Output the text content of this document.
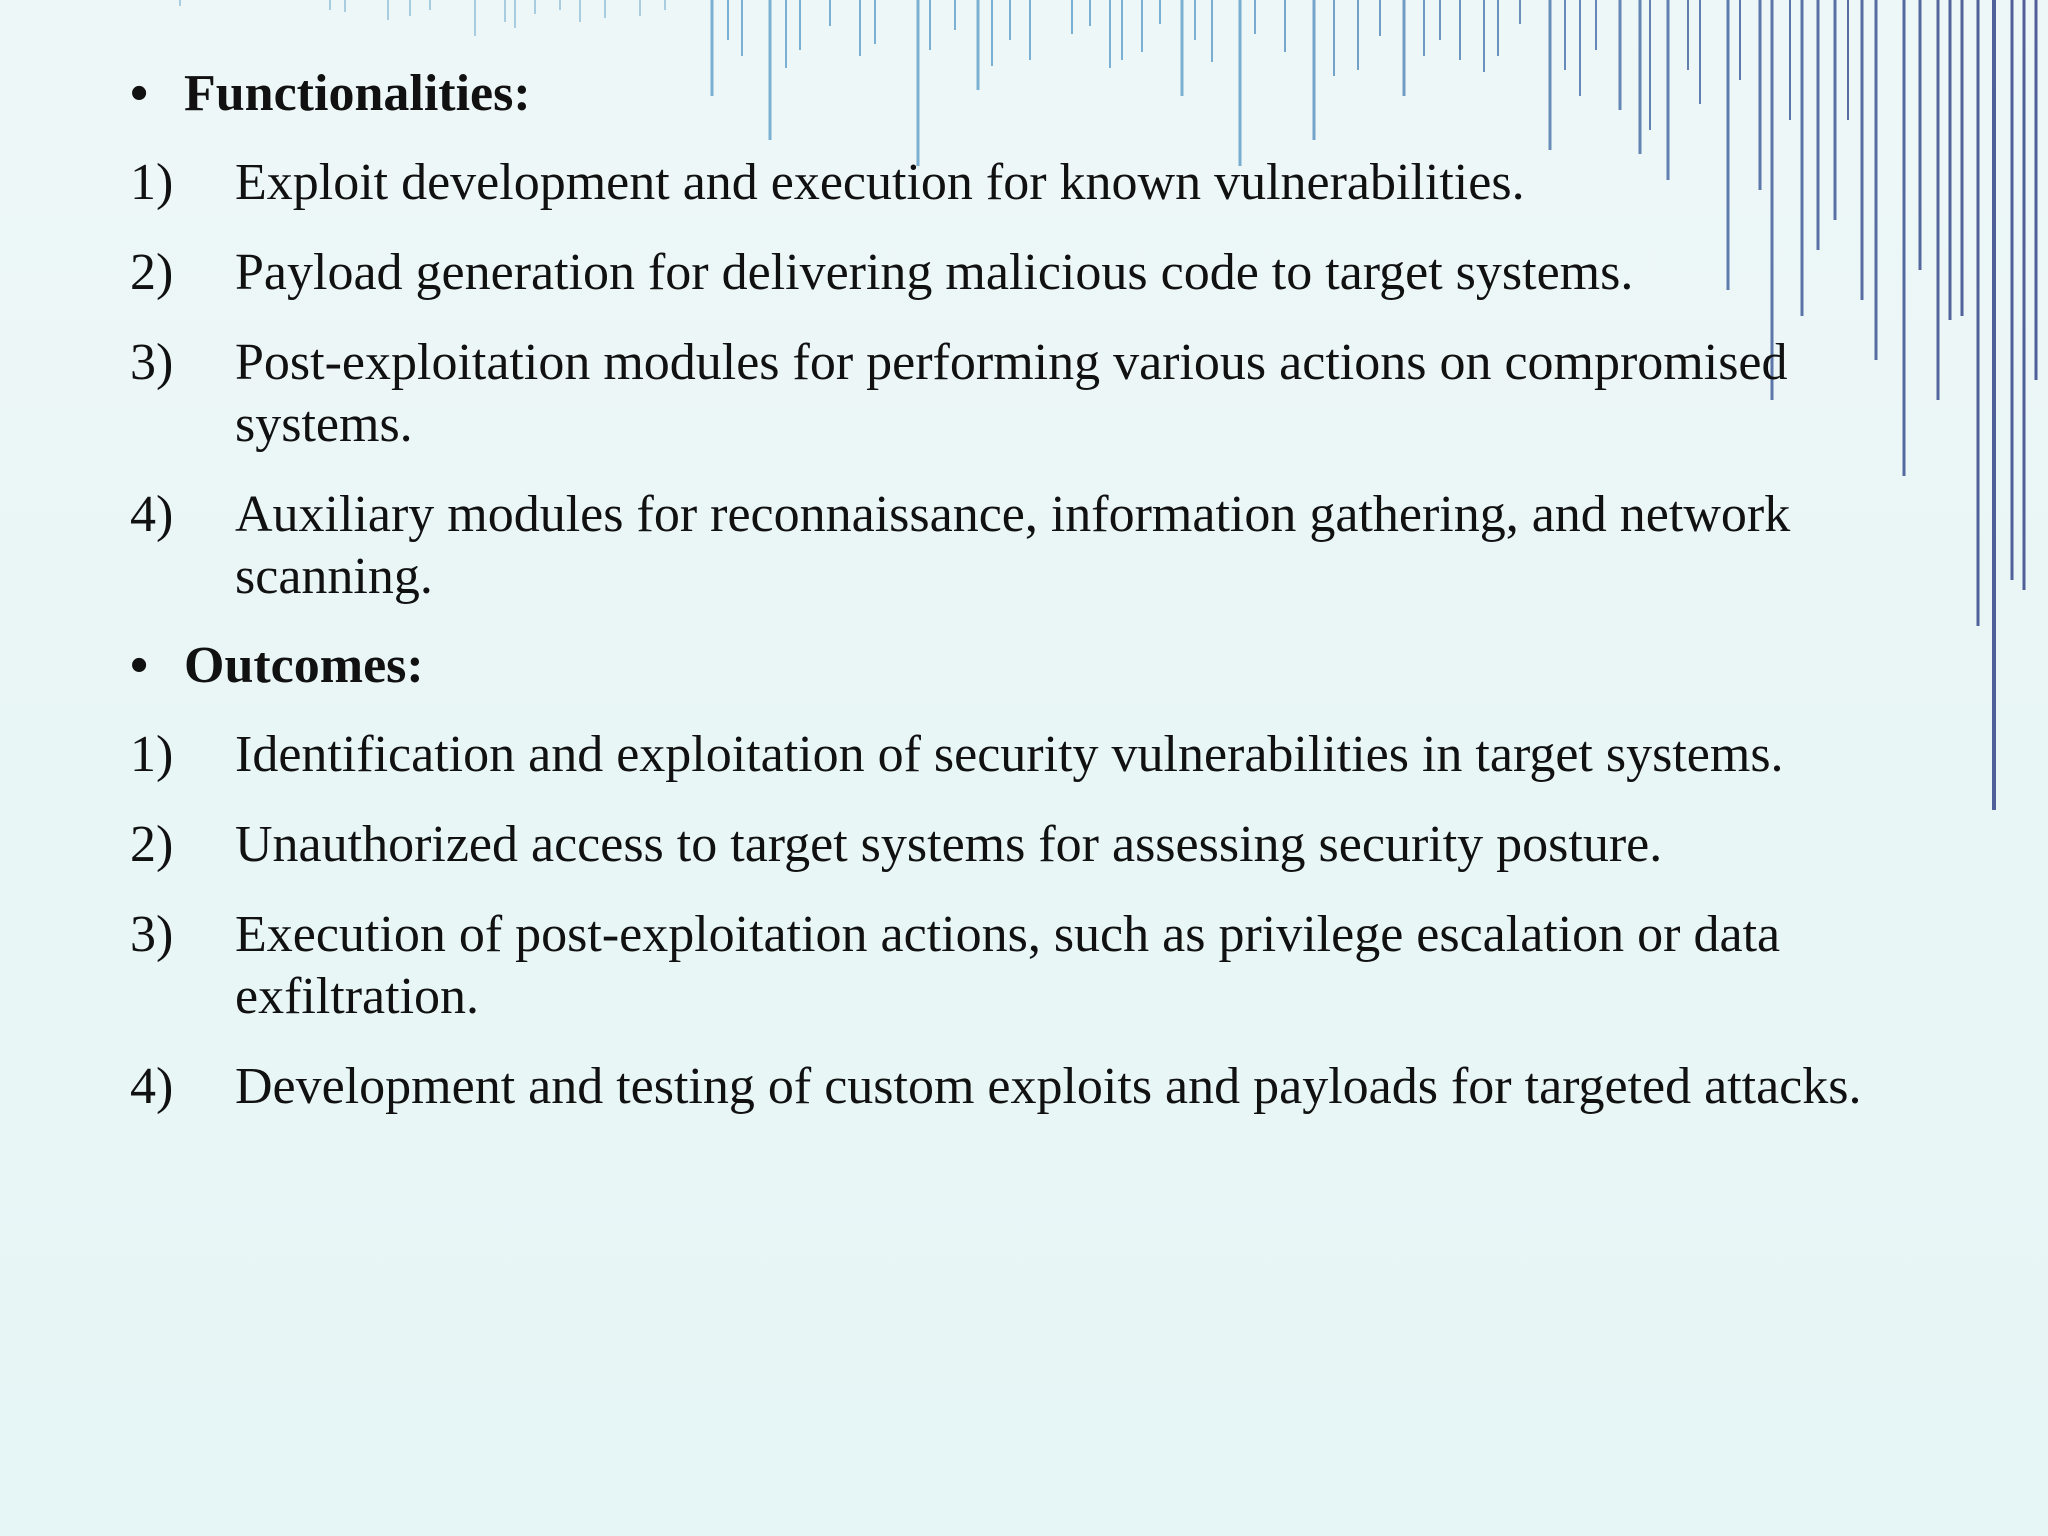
• Functionalities:
1)	Exploit development and execution for known vulnerabilities.
2)	Payload generation for delivering malicious code to target systems.
3)	Post-exploitation modules for performing various actions on compromised systems.
4)	Auxiliary modules for reconnaissance, information gathering, and network scanning.
• Outcomes:
1)	Identification and exploitation of security vulnerabilities in target systems.
2)	Unauthorized access to target systems for assessing security posture.
3)	Execution of post-exploitation actions, such as privilege escalation or data exfiltration.
4)	Development and testing of custom exploits and payloads for targeted attacks.
